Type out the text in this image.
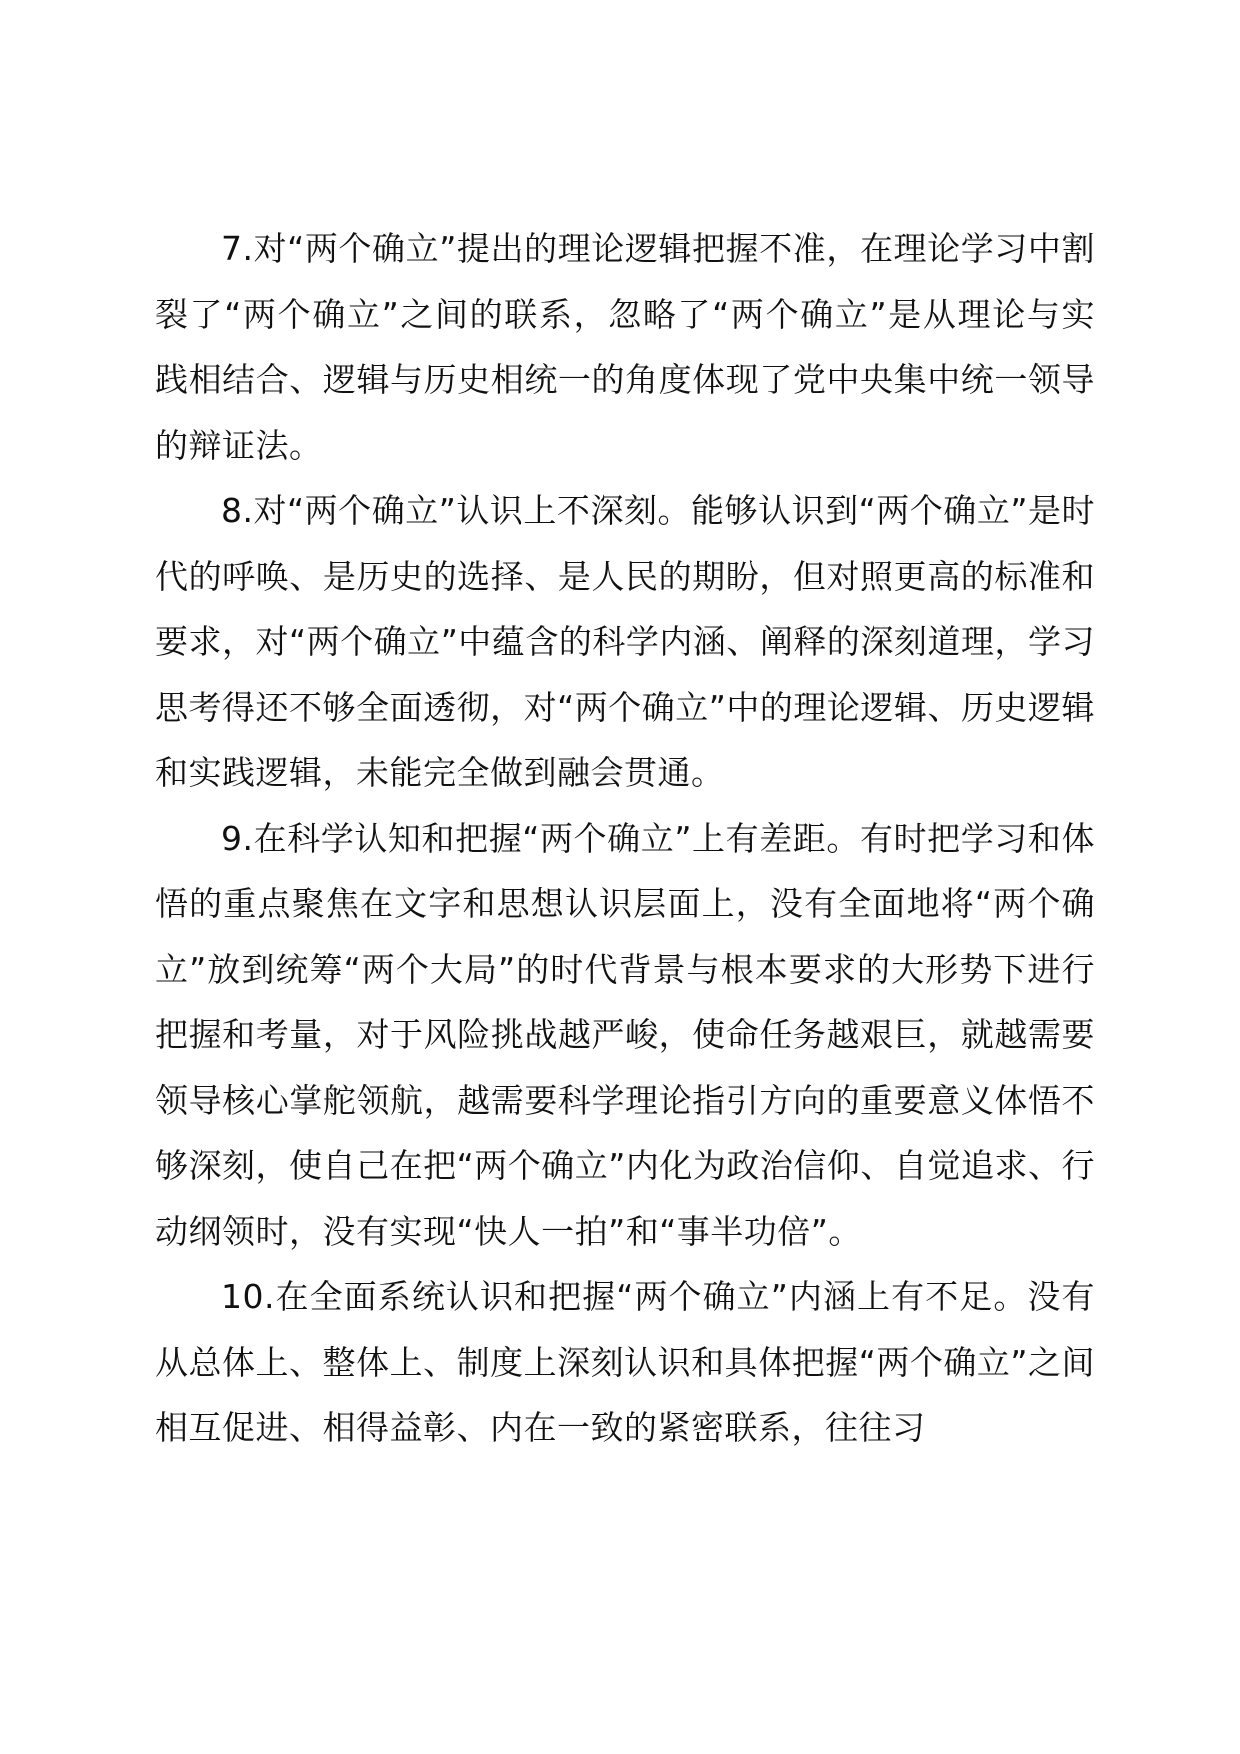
7.对“两个确立”提出的理论逻辑把握不准，在理论学习中割裂了“两个确立”之间的联系，忽略了“两个确立”是从理论与实践相结合、逻辑与历史相统一的角度体现了党中央集中统一领导的辩证法。

8.对“两个确立”认识上不深刻。能够认识到“两个确立”是时代的呼唤、是历史的选择、是人民的期盼，但对照更高的标准和要求，对“两个确立”中蕴含的科学内涵、阐释的深刻道理，学习思考得还不够全面透彻，对“两个确立”中的理论逻辑、历史逻辑和实践逻辑，未能完全做到融会贯通。

9.在科学认知和把握“两个确立”上有差距。有时把学习和体悟的重点聚焦在文字和思想认识层面上，没有全面地将“两个确立”放到统筹“两个大局”的时代背景与根本要求的大形势下进行把握和考量，对于风险挑战越严峻，使命任务越艰巨，就越需要领导核心掌舵领航，越需要科学理论指引方向的重要意义体悟不够深刻，使自己在把“两个确立”内化为政治信仰、自觉追求、行动纲领时，没有实现“快人一拍”和“事半功倍”。

10.在全面系统认识和把握“两个确立”内涵上有不足。没有从总体上、整体上、制度上深刻认识和具体把握“两个确立”之间相互促进、相得益彰、内在一致的紧密联系，往往习
